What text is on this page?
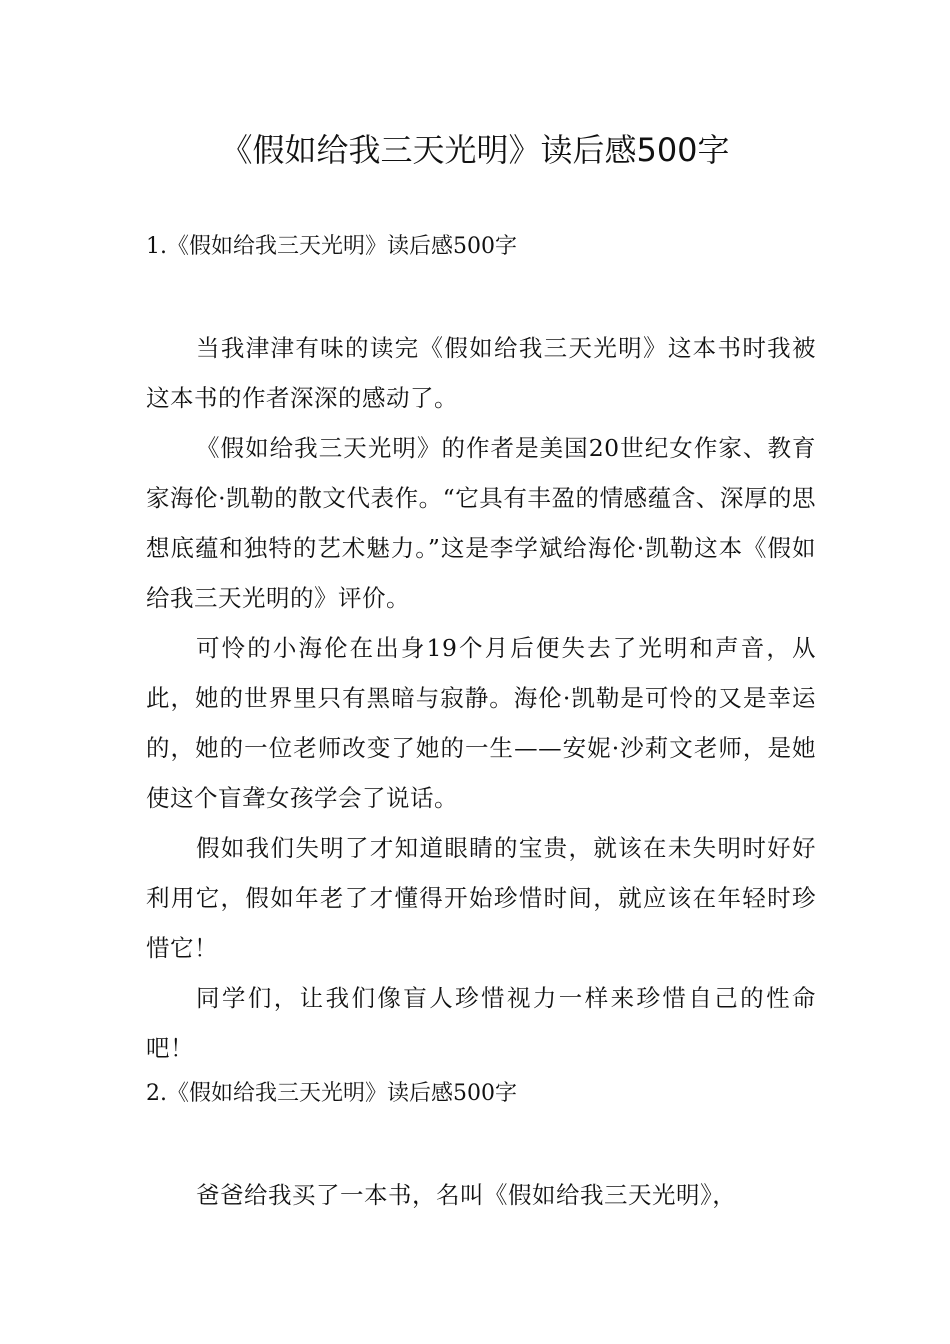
《假如给我三天光明》读后感500字
1.《假如给我三天光明》读后感500字

当我津津有味的读完《假如给我三天光明》这本书时我被这本书的作者深深的感动了。

《假如给我三天光明》的作者是美国20世纪女作家、教育家海伦·凯勒的散文代表作。“它具有丰盈的情感蕴含、深厚的思想底蕴和独特的艺术魅力。”这是李学斌给海伦·凯勒这本《假如给我三天光明的》评价。

可怜的小海伦在出身19个月后便失去了光明和声音，从此，她的世界里只有黑暗与寂静。海伦·凯勒是可怜的又是幸运的，她的一位老师改变了她的一生——安妮·沙莉文老师，是她使这个盲聋女孩学会了说话。

假如我们失明了才知道眼睛的宝贵，就该在未失明时好好利用它，假如年老了才懂得开始珍惜时间，就应该在年轻时珍惜它！

同学们，让我们像盲人珍惜视力一样来珍惜自己的性命吧！

2.《假如给我三天光明》读后感500字

爸爸给我买了一本书，名叫《假如给我三天光明》，
